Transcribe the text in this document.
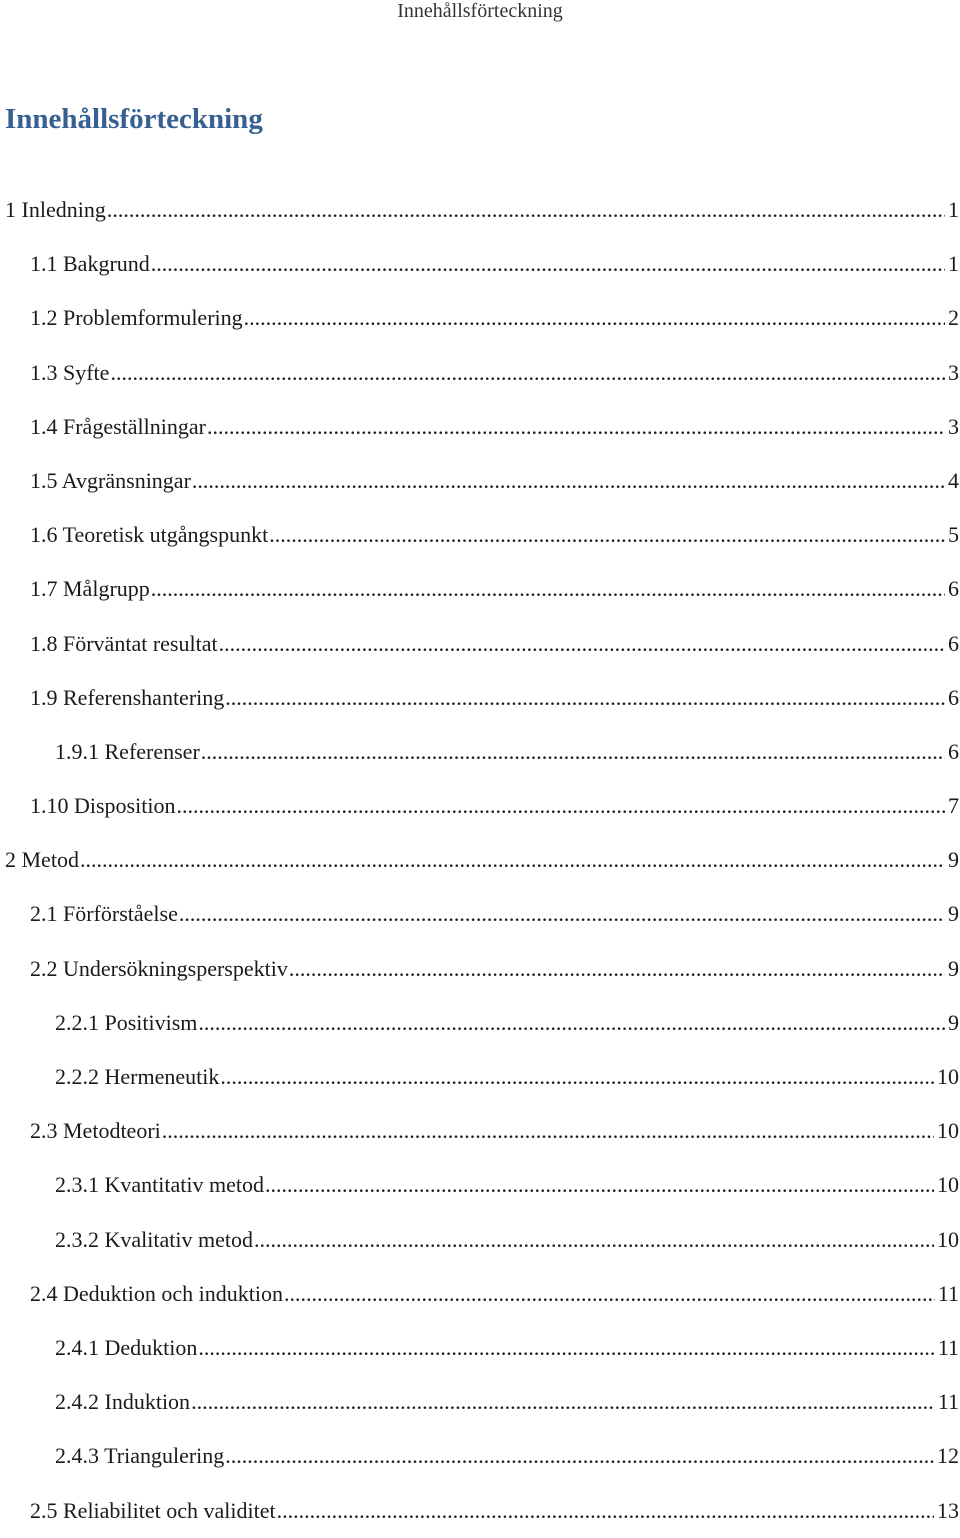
Innehållsförteckning
Innehållsförteckning
1 Inledning .....	1
1.1 Bakgrund .....	1
1.2 Problemformulering .....	2
1.3 Syfte .....	3
1.4 Frågeställningar .....	3
1.5 Avgränsningar .....	4
1.6 Teoretisk utgångspunkt .....	5
1.7 Målgrupp .....	6
1.8 Förväntat resultat .....	6
1.9 Referenshantering .....	6
1.9.1 Referenser .....	6
1.10 Disposition .....	7
2 Metod .....	9
2.1 Förförståelse .....	9
2.2 Undersökningsperspektiv .....	9
2.2.1 Positivism .....	9
2.2.2 Hermeneutik .....	10
2.3 Metodteori .....	10
2.3.1 Kvantitativ metod .....	10
2.3.2 Kvalitativ metod .....	10
2.4 Deduktion och induktion .....	11
2.4.1 Deduktion .....	11
2.4.2 Induktion .....	11
2.4.3 Triangulering .....	12
2.5 Reliabilitet och validitet .....	13
